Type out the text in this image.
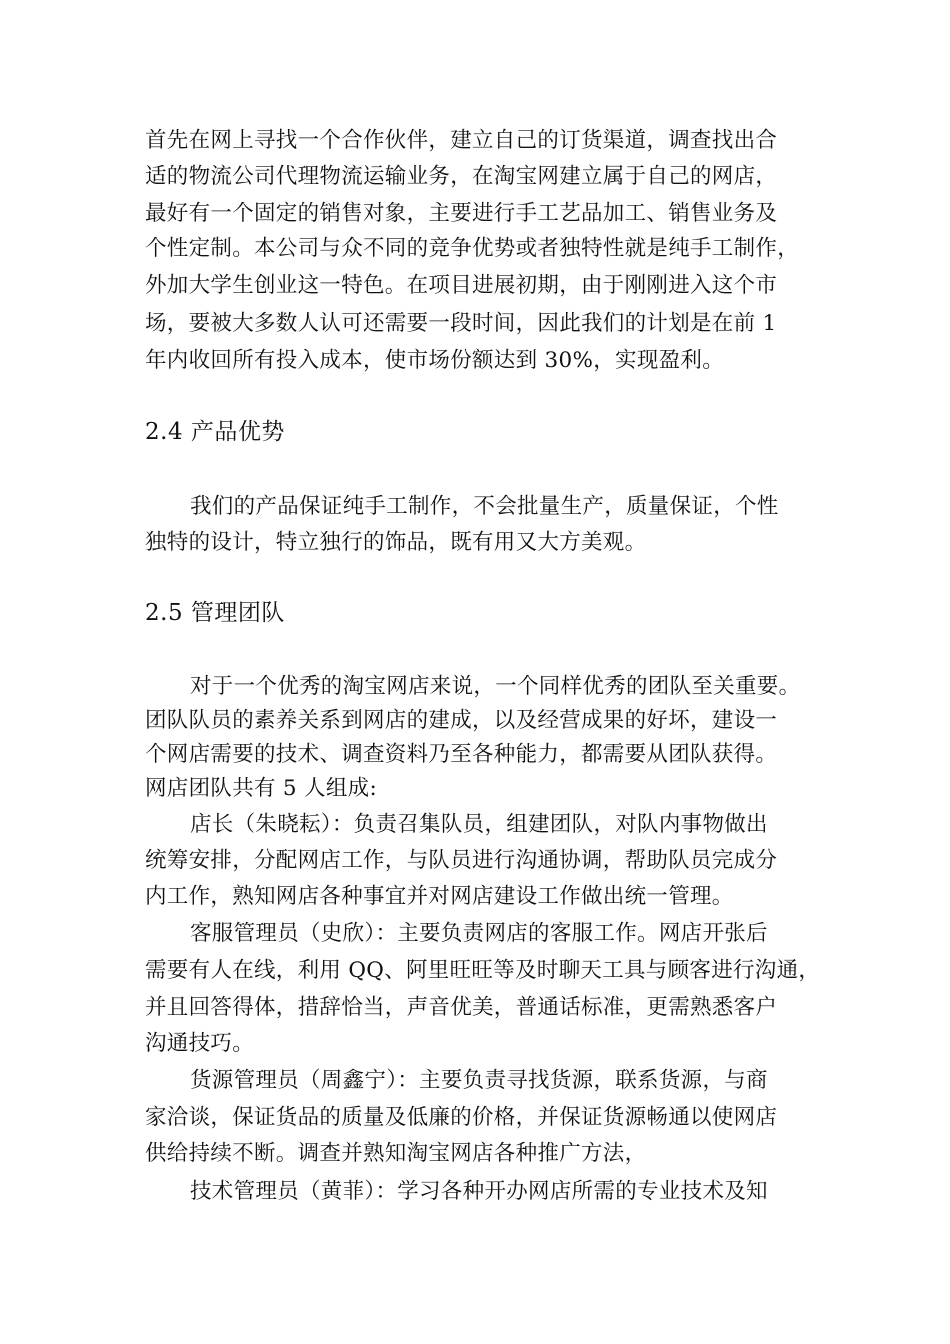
首先在网上寻找一个合作伙伴，建立自己的订货渠道，调查找出合
适的物流公司代理物流运输业务，在淘宝网建立属于自己的网店，
最好有一个固定的销售对象，主要进行手工艺品加工、销售业务及
个性定制。本公司与众不同的竞争优势或者独特性就是纯手工制作，
外加大学生创业这一特色。在项目进展初期，由于刚刚进入这个市
场，要被大多数人认可还需要一段时间，因此我们的计划是在前 1
年内收回所有投入成本，使市场份额达到 30%，实现盈利。
2.4 产品优势
我们的产品保证纯手工制作，不会批量生产，质量保证，个性
独特的设计，特立独行的饰品，既有用又大方美观。
2.5 管理团队
对于一个优秀的淘宝网店来说，一个同样优秀的团队至关重要。
团队队员的素养关系到网店的建成，以及经营成果的好坏，建设一
个网店需要的技术、调查资料乃至各种能力，都需要从团队获得。
网店团队共有 5 人组成:
店长（朱晓耘）：负责召集队员，组建团队，对队内事物做出
统筹安排，分配网店工作，与队员进行沟通协调，帮助队员完成分
内工作，熟知网店各种事宜并对网店建设工作做出统一管理。
客服管理员（史欣）：主要负责网店的客服工作。网店开张后
需要有人在线，利用 QQ、阿里旺旺等及时聊天工具与顾客进行沟通，
并且回答得体，措辞恰当，声音优美，普通话标准，更需熟悉客户
沟通技巧。
货源管理员（周鑫宁）：主要负责寻找货源，联系货源，与商
家洽谈，保证货品的质量及低廉的价格，并保证货源畅通以使网店
供给持续不断。调查并熟知淘宝网店各种推广方法，
技术管理员（黄菲）：学习各种开办网店所需的专业技术及知
